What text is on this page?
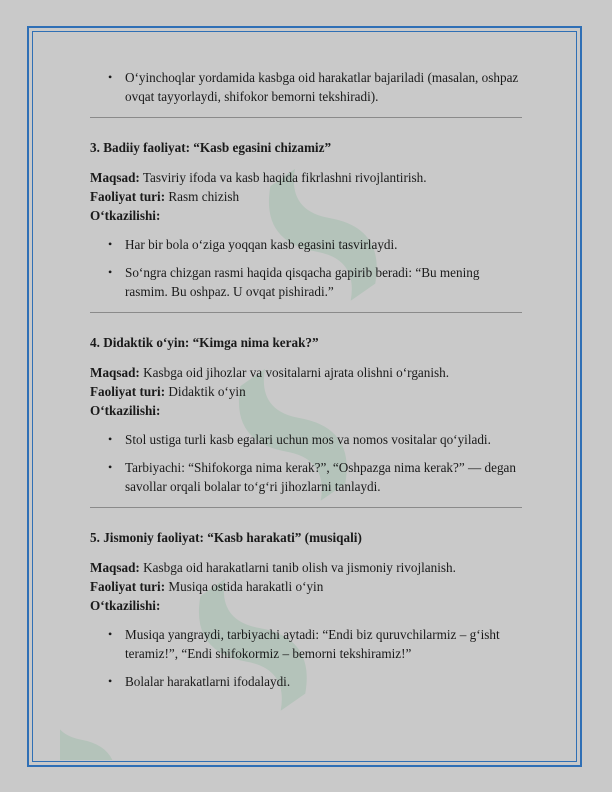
• O‘yinchoqlar yordamida kasbga oid harakatlar bajariladi (masalan, oshpaz ovqat tayyorlaydi, shifokor bemorni tekshiradi).
3. Badiiy faoliyat: “Kasb egasini chizamiz”

Maqsad: Tasviriy ifoda va kasb haqida fikrlashni rivojlantirish.

Faoliyat turi: Rasm chizish

O‘tkazilishi:

• Har bir bola o‘ziga yoqqan kasb egasini tasvirlaydi.
• So‘ngra chizgan rasmi haqida qisqacha gapirib beradi: “Bu mening rasmim. Bu oshpaz. U ovqat pishiradi.”
4. Didaktik o‘yin: “Kimga nima kerak?”

Maqsad: Kasbga oid jihozlar va vositalarni ajrata olishni o‘rganish.

Faoliyat turi: Didaktik o‘yin

O‘tkazilishi:

• Stol ustiga turli kasb egalari uchun mos va nomos vositalar qo‘yiladi.
• Tarbiyachi: “Shifokorga nima kerak?”, “Oshpazga nima kerak?” — degan savollar orqali bolalar to‘g‘ri jihozlarni tanlaydi.
5. Jismoniy faoliyat: “Kasb harakati” (musiqali)

Maqsad: Kasbga oid harakatlarni tanib olish va jismoniy rivojlanish.

Faoliyat turi: Musiqa ostida harakatli o‘yin

O‘tkazilishi:

• Musiqa yangraydi, tarbiyachi aytadi: “Endi biz quruvchilarmiz – g‘isht teramiz!”, “Endi shifokormiz – bemorni tekshiramiz!”
• Bolalar harakatlarni ifodalaydi.
